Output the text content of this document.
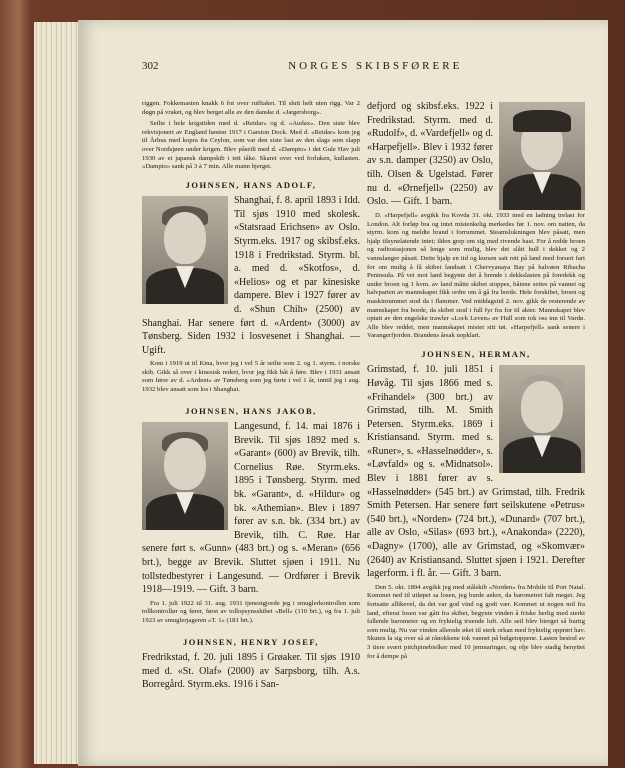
302	NORGES SKIBSFØRERE

riggen. Fokkemasten knakk 6 fot over rufftaket. Til slutt helt uten rigg. Var 2 døgn på vraket, og blev berget alle av den danske d. «Jægersborg».

Seilte i hele krigstiden med d. «Reidar» og d. «Audax». Den siste blev rekvisjonert av England høsten 1917 i Garston Dock. Med d. «Reidar» kom jeg til Århus med kopra fra Ceylon, som var den siste last av den slags som slapp over Nordsjøen under krigen. Blev påseilt med d. «Dampto» i det Gule Hav juli 1930 av et japansk dampskib i tett tåke. Skaret over ved forluken, kullasten. «Dampto» sank på 3 à 7 min. Alle mann bjerget.

JOHNSEN, HANS ADOLF,

Shanghai, f. 8. april 1893 i Idd. Til sjøs 1910 med skolesk. «Statsraad Erichsen» av Oslo. Styrm.eks. 1917 og skibsf.eks. 1918 i Fredrikstad. Styrm. bl. a. med d. «Skotfos», d. «Helios» og et par kinesiske dampere. Blev i 1927 fører av d. «Shun Chih» (2500) av Shanghai. Har senere ført d. «Ardent» (3000) av Tønsberg. Siden 1932 i losvesenet i Shanghai. — Ugift.

Kom i 1919 ut til Kina, hvor jeg i vel 5 år seilte som 2. og 1. styrm. i norske skib. Gikk så over i kinesisk rederi, hvor jeg fikk båt å føre. Blev i 1931 ansatt som fører av d. «Ardent» av Tønsberg som jeg førte i vel 1 år, inntil jeg i aug. 1932 blev ansatt som los i Shanghai.

JOHNSEN, HANS JAKOB,

Langesund, f. 14. mai 1876 i Brevik. Til sjøs 1892 med s. «Garant» (600) av Brevik, tilh. Cornelius Røe. Styrm.eks. 1895 i Tønsberg. Styrm. med bk. «Garant», d. «Hildur» og bk. «Athemian». Blev i 1897 fører av s.n. bk. (334 brt.) av Brevik, tilh. C. Røe. Har senere ført s. «Gunn» (483 brt.) og s. «Meran» (656 brt.), begge av Brevik. Sluttet sjøen i 1911. Nu tollstedbestyrer i Langesund. — Ordfører i Brevik 1918—1919. — Gift. 3 barn.

Fra 1. juli 1922 til 31. aug. 1931 tjenestgjorde jeg i smuglerkontrollen som tollkontrollør og fører, først av tollopsynsskibet «Bell» (110 brt.), og fra 1. juli 1923 av smuglerjageren «T. 1» (181 brt.).

JOHNSEN, HENRY JOSEF,

Fredrikstad, f. 20. juli 1895 i Grøaker. Til sjøs 1910 med d. «St. Olaf» (2000) av Sarpsborg, tilh. A.s. Borregård. Styrm.eks. 1916 i San-

defjord og skibsf.eks. 1922 i Fredrikstad. Styrm. med d. «Rudolf», d. «Vardefjell» og d. «Harpefjell». Blev i 1932 fører av s.n. damper (3250) av Oslo, tilh. Olsen & Ugelstad. Fører nu d. «Ørnefjell» (2250) av Oslo. — Gift. 1 barn.

D. «Harpefjell» avgikk fra Kovda 31. okt. 1933 med en ladning trelast for London. Alt forløp bra og intet mistenkelig merkedes før 1. nov. om natten, da styrm. kom og meldte brand i forrummet. Steamslukningen blev påsatt, men hjalp tilsynelatende intet; ilden grep om sig med rivende hast. For å redde broen og radiostasjonen så lenge som mulig, blev det slått hull i dekket og 2 vannslanger påsatt. Dette hjalp en tid og kursen satt rett på land med forsert fart for om mulig å få skibet landsatt i Chervyanaya Bay på halvøen Ribacha Peninsula. På vei mot land begynte det å brende i dekkslasten på foredekk og under broen og 1 kvm. av land måtte skibet stoppes, båtene settes på vannet og halvparten av mannskapet fikk ordre om å gå fra borde. Hele forskibet, broen og maskinrummet stod da i flammer. Ved middagstid 2. nov. gikk de resterende av mannskapet fra borde, da skibet stod i full fyr fra for til akter. Mannskapet blev optatt av den engelske trawler «Lock Leven» av Hull som tok oss inn til Vardø. Alle blev reddet, men mannskapet mistet sitt tøi. «Harpefjell» sank senere i Varangerfjorden. Brandens årsak uopklart.

JOHNSEN, HERMAN,

Grimstad, f. 10. juli 1851 i Høvåg. Til sjøs 1866 med s. «Frihandel» (300 brt.) av Grimstad, tilh. M. Smith Petersen. Styrm.eks. 1869 i Kristiansand. Styrm. med s. «Runer», s. «Hasselnødder», s. «Løvfald» og s. «Midnatsol». Blev i 1881 fører av s. «Hasselnødder» (545 brt.) av Grimstad, tilh. Fredrik Smith Petersen. Har senere ført seilskutene «Petrus» (540 brt.), «Norden» (724 brt.), «Dunard» (707 brt.), alle av Oslo, «Silas» (693 brt.), «Anakonda» (2220), «Dagny» (1700), alle av Grimstad, og «Skomvær» (2640) av Kristiansand. Sluttet sjøen i 1921. Derefter lagerform. i fl. år. — Gift. 3 barn.

Den 5. okt. 1894 avgikk jeg med stålskib «Norden» fra Mobile til Port Natal. Kommet ned til utløpet sa losen, jeg burde ankre, da barometret falt meget. Jeg fortsatte allikevel, da det var god vind og godt vær. Kommet ut nogen mil fra land, efterat losen var gått fra skibet, begynte vinden å friske herlig med sterkt fallende barometer og en fryktelig truende luft. Alle seil blev bierget så hurtig som mulig. Nu var vinden allerede øket til sterk orkan med fryktelig opprørt hav. Skuten la sig over så at rånokkene tok vannet på bølgetoppene. Lasten bestod av 3 tiere svært pitchpinebielker med 10 jernnaringer, og olje blev stadig benyttet for å dempe på
